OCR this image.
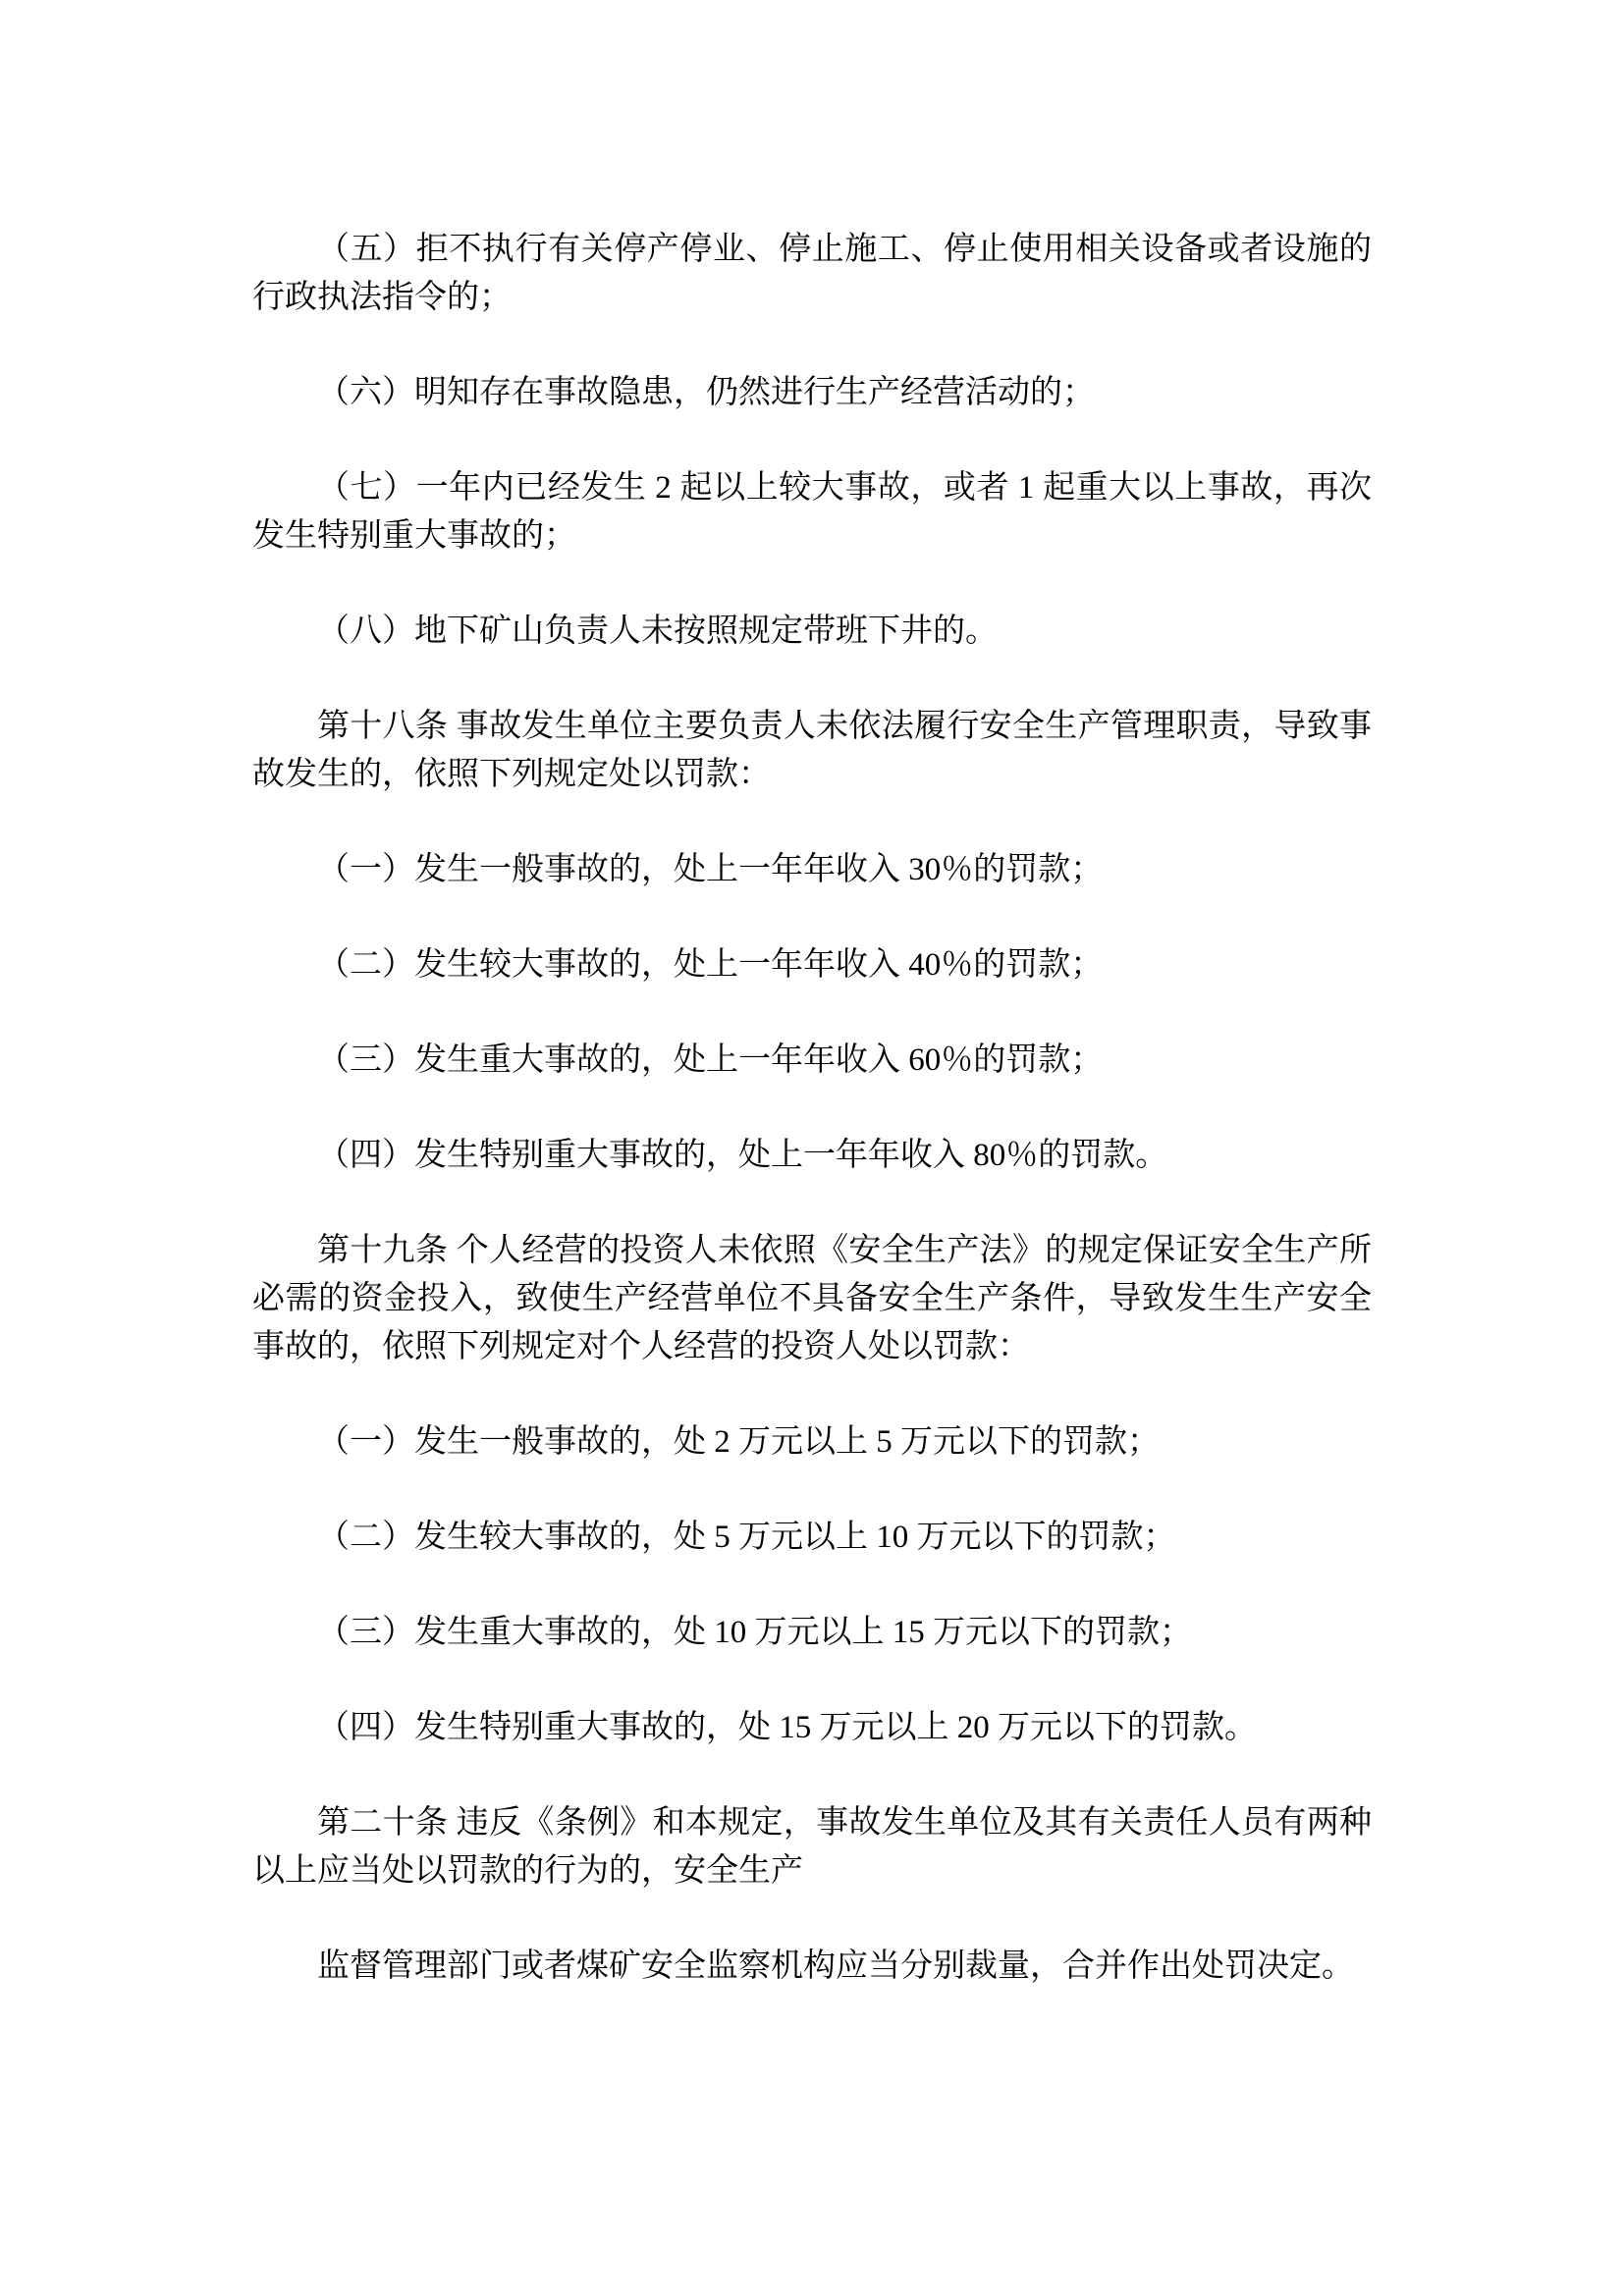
（五）拒不执行有关停产停业、停止施工、停止使用相关设备或者设施的行政执法指令的；

（六）明知存在事故隐患，仍然进行生产经营活动的；

（七）一年内已经发生 2 起以上较大事故，或者 1 起重大以上事故，再次发生特别重大事故的；

（八）地下矿山负责人未按照规定带班下井的。

第十八条 事故发生单位主要负责人未依法履行安全生产管理职责，导致事故发生的，依照下列规定处以罚款：

（一）发生一般事故的，处上一年年收入 30％的罚款；

（二）发生较大事故的，处上一年年收入 40％的罚款；

（三）发生重大事故的，处上一年年收入 60％的罚款；

（四）发生特别重大事故的，处上一年年收入 80％的罚款。

第十九条 个人经营的投资人未依照《安全生产法》的规定保证安全生产所必需的资金投入，致使生产经营单位不具备安全生产条件，导致发生生产安全事故的，依照下列规定对个人经营的投资人处以罚款：

（一）发生一般事故的，处 2 万元以上 5 万元以下的罚款；

（二）发生较大事故的，处 5 万元以上 10 万元以下的罚款；

（三）发生重大事故的，处 10 万元以上 15 万元以下的罚款；

（四）发生特别重大事故的，处 15 万元以上 20 万元以下的罚款。

第二十条 违反《条例》和本规定，事故发生单位及其有关责任人员有两种以上应当处以罚款的行为的，安全生产

监督管理部门或者煤矿安全监察机构应当分别裁量，合并作出处罚决定。
